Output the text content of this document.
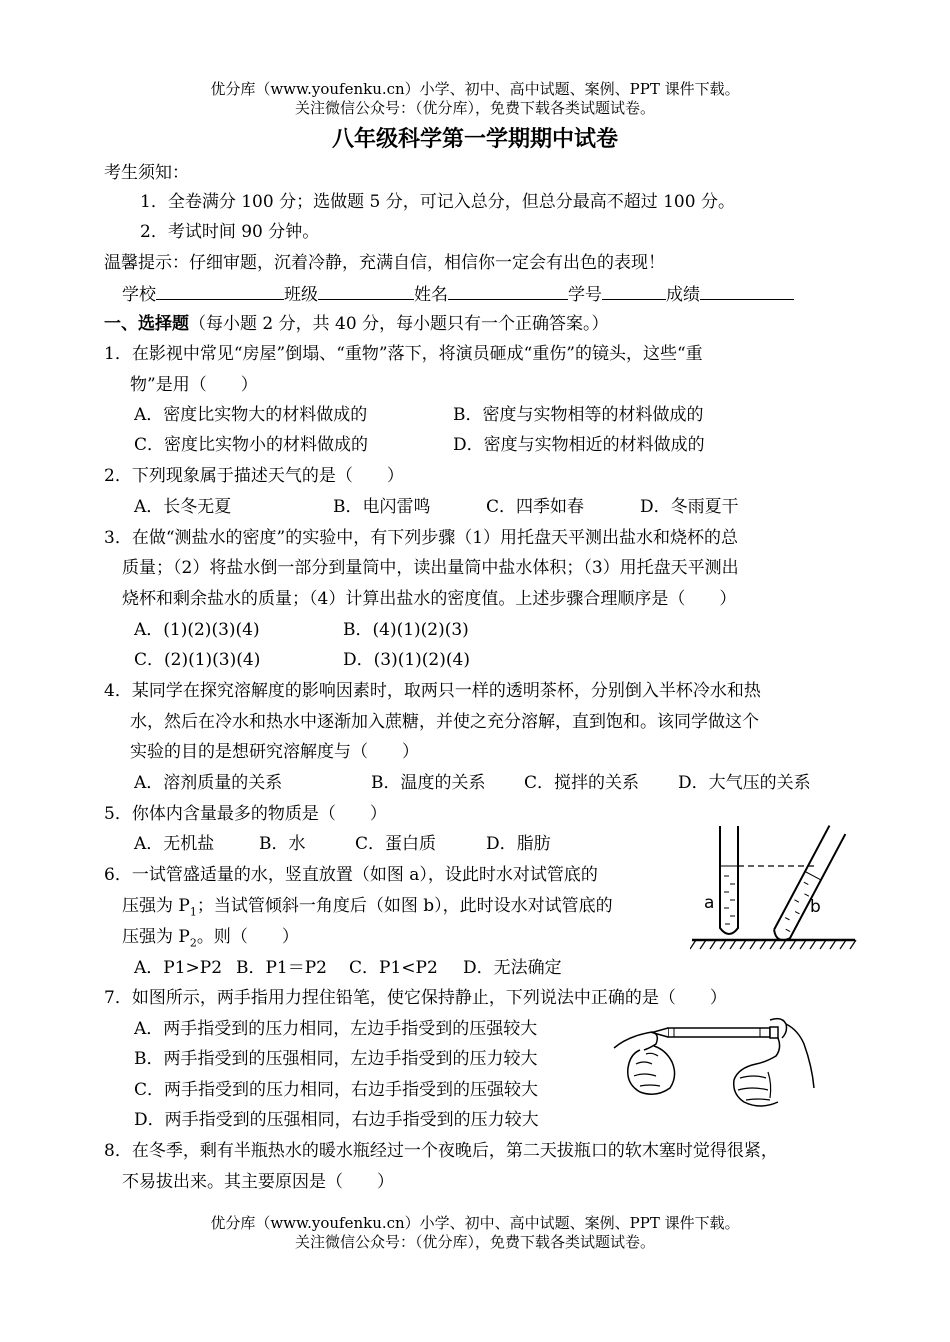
优分库（www.youfenku.cn）小学、初中、高中试题、案例、PPT 课件下载。
关注微信公众号：（优分库），免费下载各类试题试卷。
八年级科学第一学期期中试卷
考生须知：
1．全卷满分 100 分；选做题 5 分，可记入总分，但总分最高不超过 100 分。
2．考试时间 90 分钟。
温馨提示：仔细审题，沉着冷静，充满自信，相信你一定会有出色的表现！
学校	班级	姓名	学号	成绩
一、选择题（每小题 2 分，共 40 分，每小题只有一个正确答案。）
1．在影视中常见“房屋”倒塌、“重物”落下，将演员砸成“重伤”的镜头，这些“重
物”是用（　　）
A．密度比实物大的材料做成的	B．密度与实物相等的材料做成的
C．密度比实物小的材料做成的	D．密度与实物相近的材料做成的
2．下列现象属于描述天气的是（　　）
A．长冬无夏	B．电闪雷鸣	C．四季如春	D．冬雨夏干
3．在做“测盐水的密度”的实验中，有下列步骤（1）用托盘天平测出盐水和烧杯的总
质量；（2）将盐水倒一部分到量筒中，读出量筒中盐水体积；（3）用托盘天平测出
烧杯和剩余盐水的质量；（4）计算出盐水的密度值。上述步骤合理顺序是（　　）
A．(1)(2)(3)(4)	B．(4)(1)(2)(3)
C．(2)(1)(3)(4)	D．(3)(1)(2)(4)
4．某同学在探究溶解度的影响因素时，取两只一样的透明茶杯，分别倒入半杯冷水和热
水，然后在冷水和热水中逐渐加入蔗糖，并使之充分溶解，直到饱和。该同学做这个
实验的目的是想研究溶解度与（　　）
A．溶剂质量的关系	B．温度的关系 C．搅拌的关系 D．大气压的关系
5．你体内含量最多的物质是（　　）
A．无机盐	B．水	C．蛋白质	D．脂肪
6．一试管盛适量的水，竖直放置（如图 a），设此时水对试管底的
压强为 $P_1$；当试管倾斜一角度后（如图 b），此时设水对试管底的
压强为 $P_2$。则（　　）
A．P1>P2 B．P1＝P2 C．P1<P2 D．无法确定
a	b
7．如图所示，两手指用力捏住铅笔，使它保持静止，下列说法中正确的是（　　）
A．两手指受到的压力相同，左边手指受到的压强较大
B．两手指受到的压强相同，左边手指受到的压力较大
C．两手指受到的压力相同，右边手指受到的压强较大
D．两手指受到的压强相同，右边手指受到的压力较大
8．在冬季，剩有半瓶热水的暖水瓶经过一个夜晚后，第二天拔瓶口的软木塞时觉得很紧，
不易拔出来。其主要原因是（　　）
优分库（www.youfenku.cn）小学、初中、高中试题、案例、PPT 课件下载。
关注微信公众号：（优分库），免费下载各类试题试卷。
